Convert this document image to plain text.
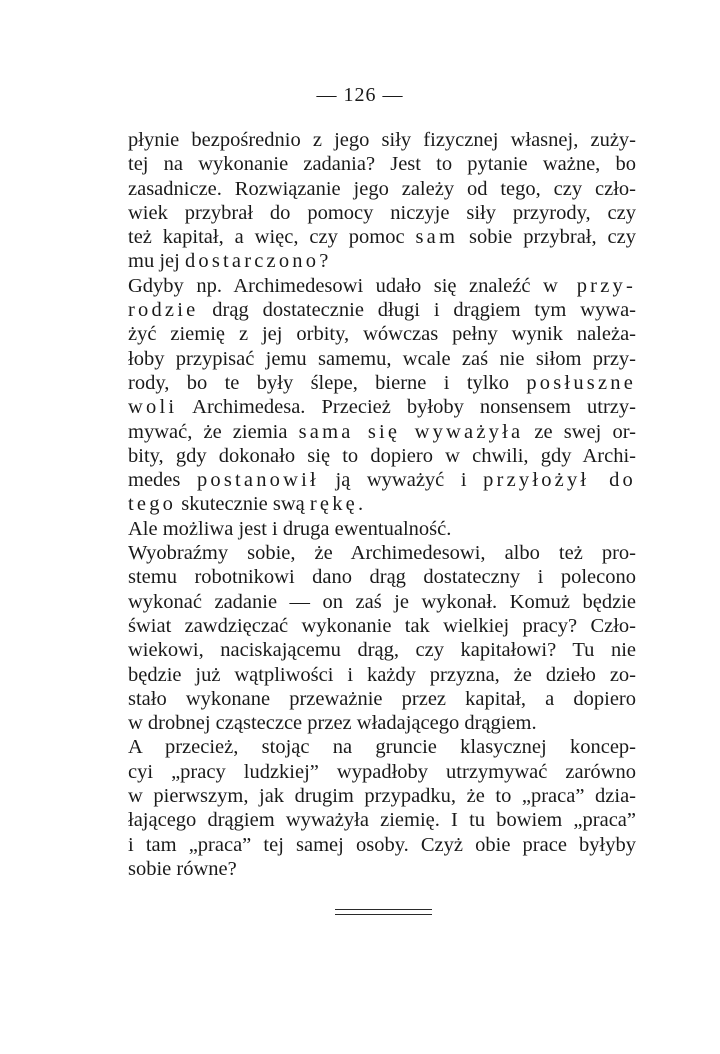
— 126 —
płynie bezpośrednio z jego siły fizycznej własnej, zuży-
tej na wykonanie zadania? Jest to pytanie ważne, bo
zasadnicze. Rozwiązanie jego zależy od tego, czy czło-
wiek przybrał do pomocy niczyje siły przyrody, czy
też kapitał, a więc, czy pomoc sam sobie przybrał, czy
mu jej dostarczono?
Gdyby np. Archimedesowi udało się znaleźć w przy-
rodzie drąg dostatecznie długi i drągiem tym wywa-
żyć ziemię z jej orbity, wówczas pełny wynik należa-
łoby przypisać jemu samemu, wcale zaś nie siłom przy-
rody, bo te były ślepe, bierne i tylko posłuszne
woli Archimedesa. Przecież byłoby nonsensem utrzy-
mywać, że ziemia sama się wyważyła ze swej or-
bity, gdy dokonało się to dopiero w chwili, gdy Archi-
medes postanowił ją wyważyć i przyłożył do
tego skutecznie swą rękę.
Ale możliwa jest i druga ewentualność.
Wyobraźmy sobie, że Archimedesowi, albo też pro-
stemu robotnikowi dano drąg dostateczny i polecono
wykonać zadanie — on zaś je wykonał. Komuż będzie
świat zawdzięczać wykonanie tak wielkiej pracy? Czło-
wiekowi, naciskającemu drąg, czy kapitałowi? Tu nie
będzie już wątpliwości i każdy przyzna, że dzieło zo-
stało wykonane przeważnie przez kapitał, a dopiero
w drobnej cząsteczce przez władającego drągiem.
A przecież, stojąc na gruncie klasycznej koncep-
cyi „pracy ludzkiej” wypadłoby utrzymywać zarówno
w pierwszym, jak drugim przypadku, że to „praca” dzia-
łającego drągiem wyważyła ziemię. I tu bowiem „praca”
i tam „praca” tej samej osoby. Czyż obie prace byłyby
sobie równe?
